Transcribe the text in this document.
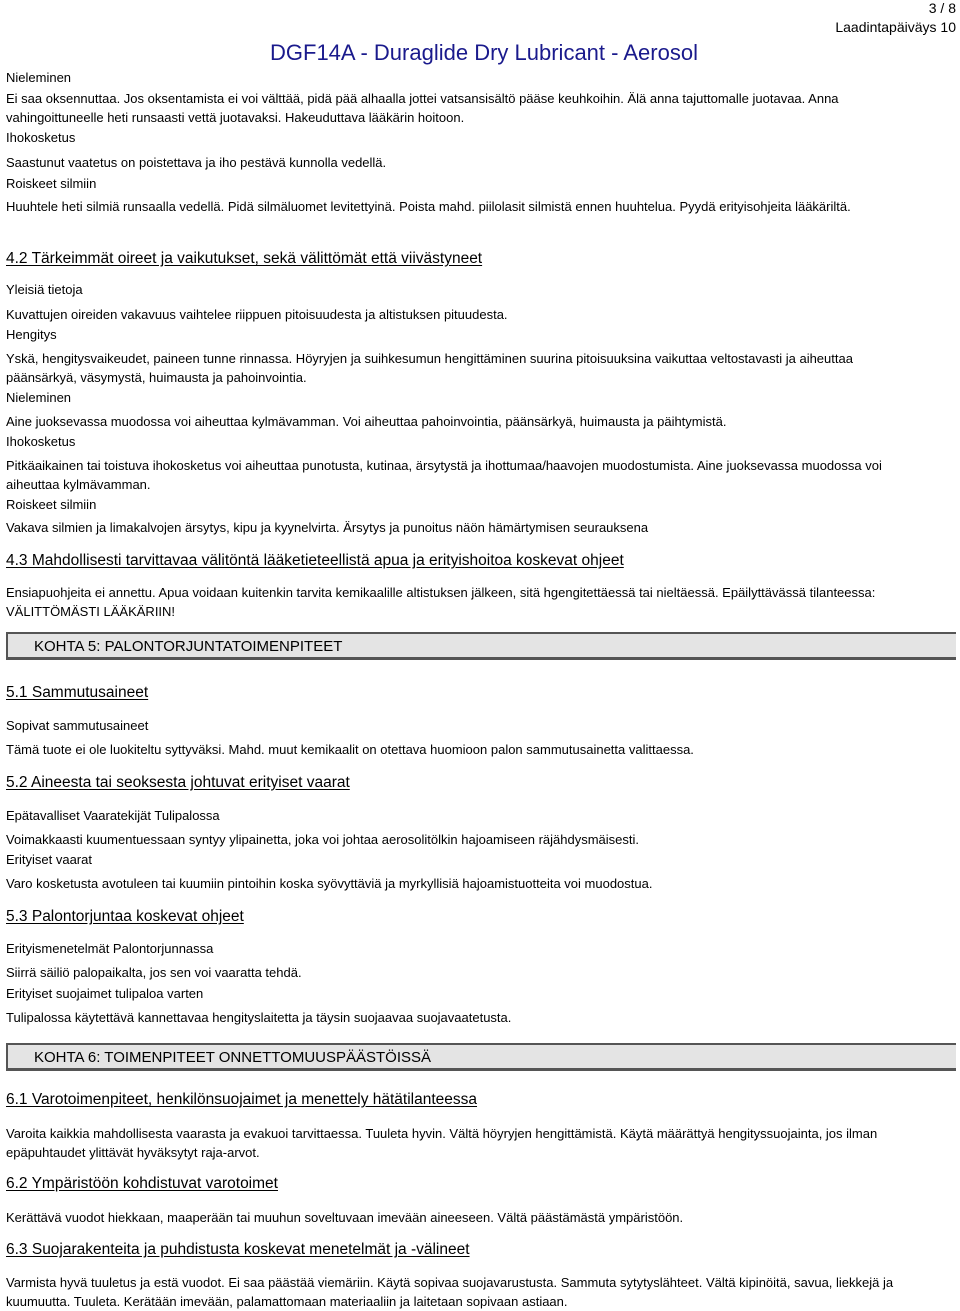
3 / 8
Laadintapäiväys 10
DGF14A - Duraglide Dry Lubricant - Aerosol
Nieleminen
Ei saa oksennuttaa. Jos oksentamista ei voi välttää, pidä pää alhaalla jottei vatsansisältö pääse keuhkoihin. Älä anna tajuttomalle juotavaa. Anna vahingoittuneelle heti runsaasti vettä juotavaksi. Hakeuduttava lääkärin hoitoon.
Ihokosketus
Saastunut vaatetus on poistettava ja iho pestävä kunnolla vedellä.
Roiskeet silmiin
Huuhtele heti silmiä runsaalla vedellä. Pidä silmäluomet levitettyinä. Poista mahd. piilolasit silmistä ennen huuhtelua. Pyydä erityisohjeita lääkäriltä.
4.2 Tärkeimmät oireet ja vaikutukset, sekä välittömät että viivästyneet
Yleisiä tietoja
Kuvattujen oireiden vakavuus vaihtelee riippuen pitoisuudesta ja altistuksen pituudesta.
Hengitys
Yskä, hengitysvaikeudet, paineen tunne rinnassa. Höyryjen ja suihkesumun hengittäminen suurina pitoisuuksina vaikuttaa veltostavasti ja aiheuttaa päänsärkyä, väsymystä, huimausta ja pahoinvointia.
Nieleminen
Aine juoksevassa muodossa voi aiheuttaa kylmävamman. Voi aiheuttaa pahoinvointia, päänsärkyä, huimausta ja päihtymistä.
Ihokosketus
Pitkäaikainen tai toistuva ihokosketus voi aiheuttaa punotusta, kutinaa, ärsytystä ja ihottumaa/haavojen muodostumista. Aine juoksevassa muodossa voi aiheuttaa kylmävamman.
Roiskeet silmiin
Vakava silmien ja limakalvojen ärsytys, kipu ja kyynelvirta. Ärsytys ja punoitus näön hämärtymisen seurauksena
4.3 Mahdollisesti tarvittavaa välitöntä lääketieteellistä apua ja erityishoitoa koskevat ohjeet
Ensiapuohjeita ei annettu. Apua voidaan kuitenkin tarvita kemikaalille altistuksen jälkeen, sitä hgengitettäessä tai nieltäessä. Epäilyttävässä tilanteessa: VÄLITTÖMÄSTI LÄÄKÄRIIN!
KOHTA 5: PALONTORJUNTATOIMENPITEET
5.1 Sammutusaineet
Sopivat sammutusaineet
Tämä tuote ei ole luokiteltu syttyväksi. Mahd. muut kemikaalit on otettava huomioon palon sammutusainetta valittaessa.
5.2 Aineesta tai seoksesta johtuvat erityiset vaarat
Epätavalliset Vaaratekijät Tulipalossa
Voimakkaasti kuumentuessaan syntyy ylipainetta, joka voi johtaa aerosolitölkin hajoamiseen räjähdysmäisesti.
Erityiset vaarat
Varo kosketusta avotuleen tai kuumiin pintoihin koska syövyttäviä ja myrkyllisiä hajoamistuotteita voi muodostua.
5.3 Palontorjuntaa koskevat ohjeet
Erityismenetelmät Palontorjunnassa
Siirrä säiliö palopaikalta, jos sen voi vaaratta tehdä.
Erityiset suojaimet tulipaloa varten
Tulipalossa käytettävä kannettavaa hengityslaitetta ja täysin suojaavaa suojavaatetusta.
KOHTA 6: TOIMENPITEET ONNETTOMUUSPÄÄSTÖISSÄ
6.1 Varotoimenpiteet, henkilönsuojaimet ja menettely hätätilanteessa
Varoita kaikkia mahdollisesta vaarasta ja evakuoi tarvittaessa. Tuuleta hyvin. Vältä höyryjen hengittämistä. Käytä määrättyä hengityssuojainta, jos ilman epäpuhtaudet ylittävät hyväksytyt raja-arvot.
6.2 Ympäristöön kohdistuvat varotoimet
Kerättävä vuodot hiekkaan, maaperään tai muuhun soveltuvaan imevään aineeseen. Vältä päästämästä ympäristöön.
6.3 Suojarakenteita ja puhdistusta koskevat menetelmät ja -välineet
Varmista hyvä tuuletus ja estä vuodot. Ei saa päästää viemäriin. Käytä sopivaa suojavarustusta. Sammuta sytytyslähteet. Vältä kipinöitä, savua, liekkejä ja kuumuutta. Tuuleta. Kerätään imevään, palamattomaan materiaaliin ja laitetaan sopivaan astiaan.
